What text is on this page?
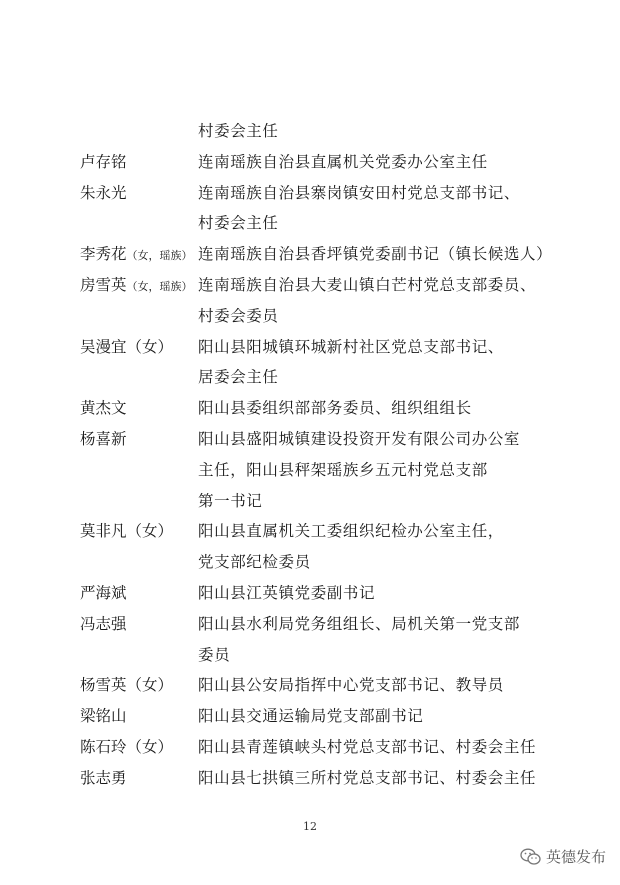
村委会主任
卢存铭	连南瑶族自治县直属机关党委办公室主任
朱永光	连南瑶族自治县寨岗镇安田村党总支部书记、
村委会主任
李秀花（女，瑶族） 连南瑶族自治县香坪镇党委副书记（镇长候选人）
房雪英（女，瑶族） 连南瑶族自治县大麦山镇白芒村党总支部委员、
村委会委员
吴漫宜（女） 阳山县阳城镇环城新村社区党总支部书记、
居委会主任
黄杰文	阳山县委组织部部务委员、组织组组长
杨喜新	阳山县盛阳城镇建设投资开发有限公司办公室
主任，阳山县秤架瑶族乡五元村党总支部
第一书记
莫非凡（女） 阳山县直属机关工委组织纪检办公室主任，
党支部纪检委员
严海斌	阳山县江英镇党委副书记
冯志强	阳山县水利局党务组组长、局机关第一党支部
委员
杨雪英（女） 阳山县公安局指挥中心党支部书记、教导员
梁铭山	阳山县交通运输局党支部副书记
陈石玲（女） 阳山县青莲镇峡头村党总支部书记、村委会主任
张志勇	阳山县七拱镇三所村党总支部书记、村委会主任
12
英德发布
